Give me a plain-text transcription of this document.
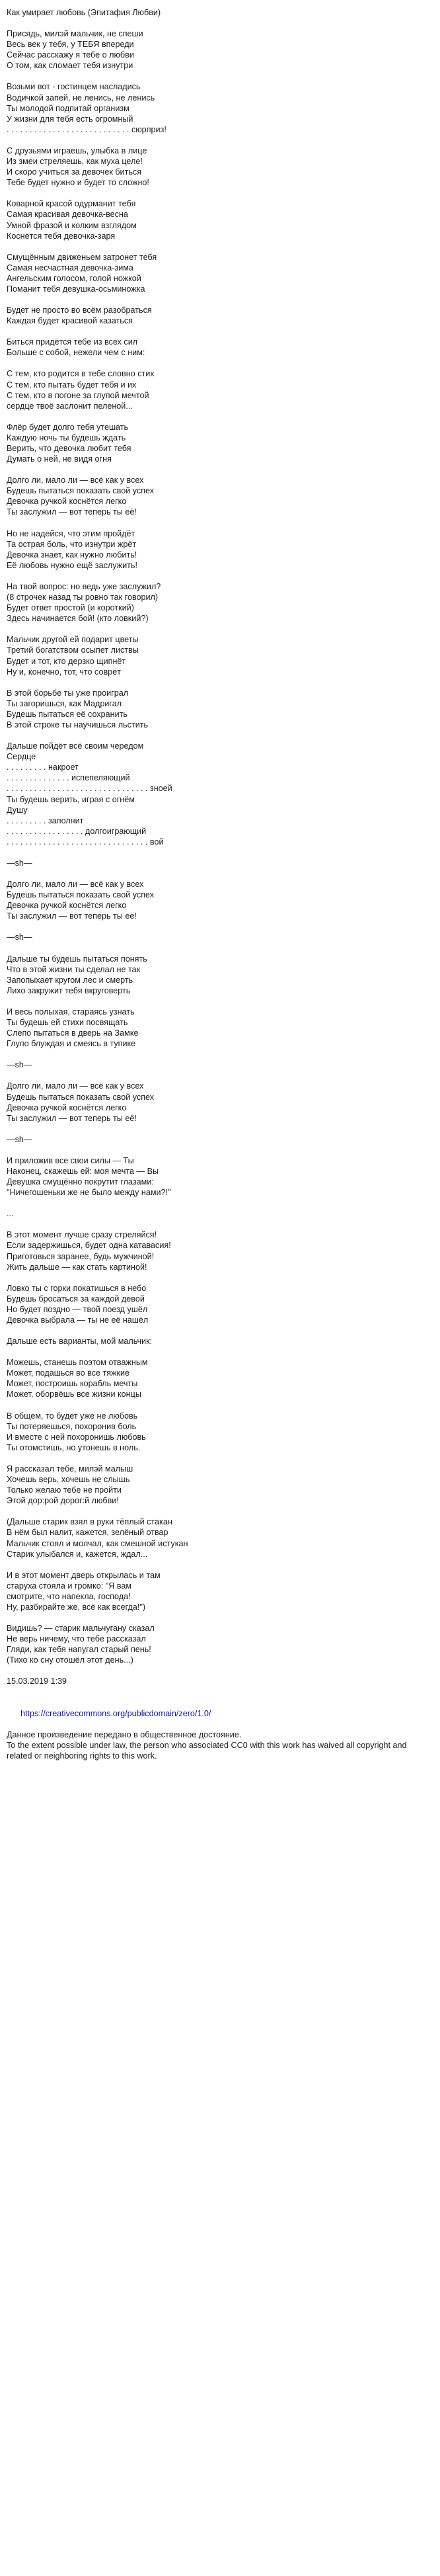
Как умирает любовь (Эпитафия Любви)
Присядь, милэй мальчик, не спеши
Весь век у тебя, у ТЕБЯ впереди
Сейчас расскажу я тебе о любви
О том, как сломает тебя изнутри
Возьми вот - гостинцем насладись
Водичкой запей, не ленись, не ленись
Ты молодой подпитай организм
У жизни для тебя есть огромный
. . . . . . . . . . . . . . . . . . . . . . . . . . . сюрприз!
С друзьями играешь, улыбка в лице
Из змеи стреляешь, как муха целе!
И скоро учиться за девочек биться
Тебе будет нужно и будет то сложно!
Коварной красой одурманит тебя
Самая красивая девочка-весна
Умной фразой и колким взглядом
Коснётся тебя девочка-заря
Смущённым движеньем затронет тебя
Самая несчастная девочка-зима
Ангельским голосом, голой ножкой
Поманит тебя девушка-осьминожка
Будет не просто во всём разобраться
Каждая будет красивой казаться
Биться придётся тебе из всех сил
Больше с собой, нежели чем с ним:
С тем, кто родится в тебе словно стих
С тем, кто пытать будет тебя и их
С тем, кто в погоне за глупой мечтой
сердце твоё заслонит пеленой...
Флёр будет долго тебя утешать
Каждую ночь ты будешь ждать
Верить, что девочка любит тебя
Думать о ней, не видя огня
Долго ли, мало ли — всё как у всех
Будешь пытаться показать свой успех
Девочка ручкой коснётся легко
Ты заслужил — вот теперь ты её!
Но не надейся, что этим пройдёт
Та острая боль, что изнутри жрёт
Девочка знает, как нужно любить!
Её любовь нужно ещё заслужить!
На твой вопрос: но ведь уже заслужил?
(8 строчек назад ты ровно так говорил)
Будет ответ простой (и короткий)
Здесь начинается бой! (кто ловкий?)
Мальчик другой ей подарит цветы
Третий богатством осыпет листвы
Будет и тот, кто дерзко щипнёт
Ну и, конечно, тот, что соврёт
В этой борьбе ты уже проиграл
Ты загоришься, как Мадригал
Будешь пытаться её сохранить
В этой строке ты научишься льстить
Дальше пойдёт всё своим чередом
Сердце
. . . . . . . . . накроет
. . . . . . . . . . . . . . испепеляющий
. . . . . . . . . . . . . . . . . . . . . . . . . . . . . . . зноей
Ты будешь верить, играя с огнём
Душу
. . . . . . . . . заполнит
. . . . . . . . . . . . . . . . . долгоиграющий
. . . . . . . . . . . . . . . . . . . . . . . . . . . . . . . вой
—sh—
Долго ли, мало ли — всё как у всех
Будешь пытаться показать свой успех
Девочка ручкой коснётся легко
Ты заслужил — вот теперь ты её!
—sh—
Дальше ты будешь пытаться понять
Что в этой жизни ты сделал не так
Запопыхает кругом лес и смерть
Лихо закружит тебя вкруговерть
И весь полыхая, стараясь узнать
Ты будешь ей стихи посвящать
Слепо пытаться в дверь на Замке
Глупо блуждая и смеясь в тупике
—sh—
Долго ли, мало ли — всё как у всех
Будешь пытаться показать свой успех
Девочка ручкой коснётся легко
Ты заслужил — вот теперь ты её!
—sh—
И приложив все свои силы — Ты
Наконец, скажешь ей: моя мечта — Вы
Девушка смущённо покрутит глазами:
"Ничегошеньки же не было между нами?!"
...
В этот момент лучше сразу стреляйся!
Если задержишься, будет одна катавасия!
Приготовься заранее, будь мужчиной!
Жить дальше — как стать картиной!
Ловко ты с горки покатишься в небо
Будешь бросаться за каждой девой
Но будет поздно — твой поезд ушёл
Девочка выбрала — ты не её нашёл
Дальше есть варианты, мой мальчик:
Можешь, станешь поэтом отважным
Может, подашься во все тяжкие
Может, построишь корабль мечты
Может, оборвёшь все жизни концы
В общем, то будет уже не любовь
Ты потеряешься, похоронив боль
И вместе с ней похоронишь любовь
Ты отомстишь, но утонешь в ноль.
Я рассказал тебе, милэй малыш
Хочешь верь, хочешь не слышь
Только желаю тебе не пройти
Этой дор:рой дорог:й любви!
(Дальше старик взял в руки тёплый стакан
В нём был налит, кажется, зелёный отвар
Мальчик стоял и молчал, как смешной истукан
Старик улыбался и, кажется, ждал...
И в этот момент дверь открылась и там
старуха стояла и громко: "Я вам
смотрите, что напекла, господа!
Ну, разбирайте же, всё как всегда!")
Видишь? — старик мальчугану сказал
Не верь ничему, что тебе рассказал
Гляди, как тебя напугал старый пень!
(Тихо ко сну отошёл этот день...)
15.03.2019 1:39

https://creativecommons.org/publicdomain/zero/1.0/

Данное произведение передано в общественное достояние.
To the extent possible under law, the person who associated CC0 with this work has waived all copyright and related or neighboring rights to this work.
